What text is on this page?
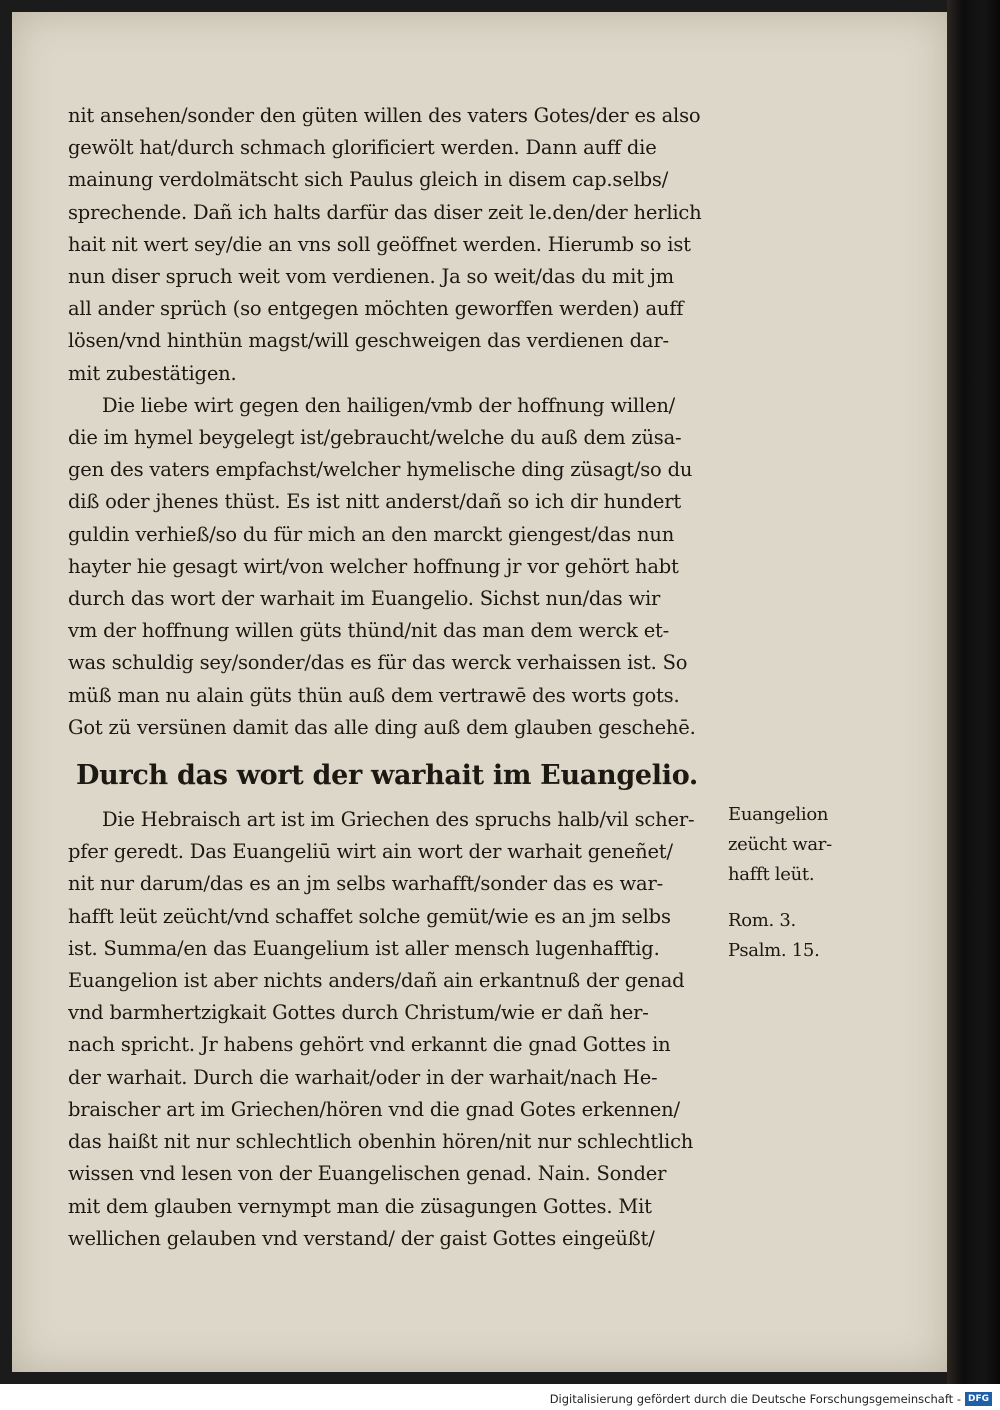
nit ansehen/sonder den güten willen des vaters Gotes/der es also
gewölt hat/durch schmach glorificiert werden. Dann auff die
mainung verdolmätscht sich Paulus gleich in disem cap.selbs/
sprechende. Dañ ich halts darfür das diser zeit le.den/der herlich
hait nit wert sey/die an vns soll geöffnet werden. Hierumb so ist
nun diser spruch weit vom verdienen. Ja so weit/das du mit jm
all ander sprüch (so entgegen möchten geworffen werden) auff
lösen/vnd hinthün magst/will geschweigen das verdienen dar-
mit zubestätigen.
Die liebe wirt gegen den hailigen/vmb der hoffnung willen/
die im hymel beygelegt ist/gebraucht/welche du auß dem züsa-
gen des vaters empfachst/welcher hymelische ding züsagt/so du
diß oder jhenes thüst. Es ist nitt anderst/dañ so ich dir hundert
guldin verhieß/so du für mich an den marckt giengest/das nun
hayter hie gesagt wirt/von welcher hoffnung jr vor gehört habt
durch das wort der warhait im Euangelio. Sichst nun/das wir
vm der hoffnung willen güts thünd/nit das man dem werck et-
was schuldig sey/sonder/das es für das werck verhaissen ist. So
müß man nu alain güts thün auß dem vertrawē des worts gots.
Got zü versünen damit das alle ding auß dem glauben geschehē.
Durch das wort der warhait im Euangelio.
Die Hebraisch art ist im Griechen des spruchs halb/vil scher-
pfer geredt. Das Euangeliū wirt ain wort der warhait geneñet/
nit nur darum/das es an jm selbs warhafft/sonder das es war-
hafft leüt zeücht/vnd schaffet solche gemüt/wie es an jm selbs
ist. Summa/en das Euangelium ist aller mensch lugenhafftig.
Euangelion ist aber nichts anders/dañ ain erkantnuß der genad
vnd barmhertzigkait Gottes durch Christum/wie er dañ her-
nach spricht. Jr habens gehört vnd erkannt die gnad Gottes in
der warhait. Durch die warhait/oder in der warhait/nach He-
braischer art im Griechen/hören vnd die gnad Gotes erkennen/
das haißt nit nur schlechtlich obenhin hören/nit nur schlechtlich
wissen vnd lesen von der Euangelischen genad. Nain. Sonder
mit dem glauben vernympt man die züsagungen Gottes. Mit
wellichen gelauben vnd verstand/ der gaist Gottes eingeüßt/
Euangelion
zeücht war-
hafft leüt.
Rom. 3.
Psalm. 15.
Digitalisierung gefördert durch die Deutsche Forschungsgemeinschaft - DFG
